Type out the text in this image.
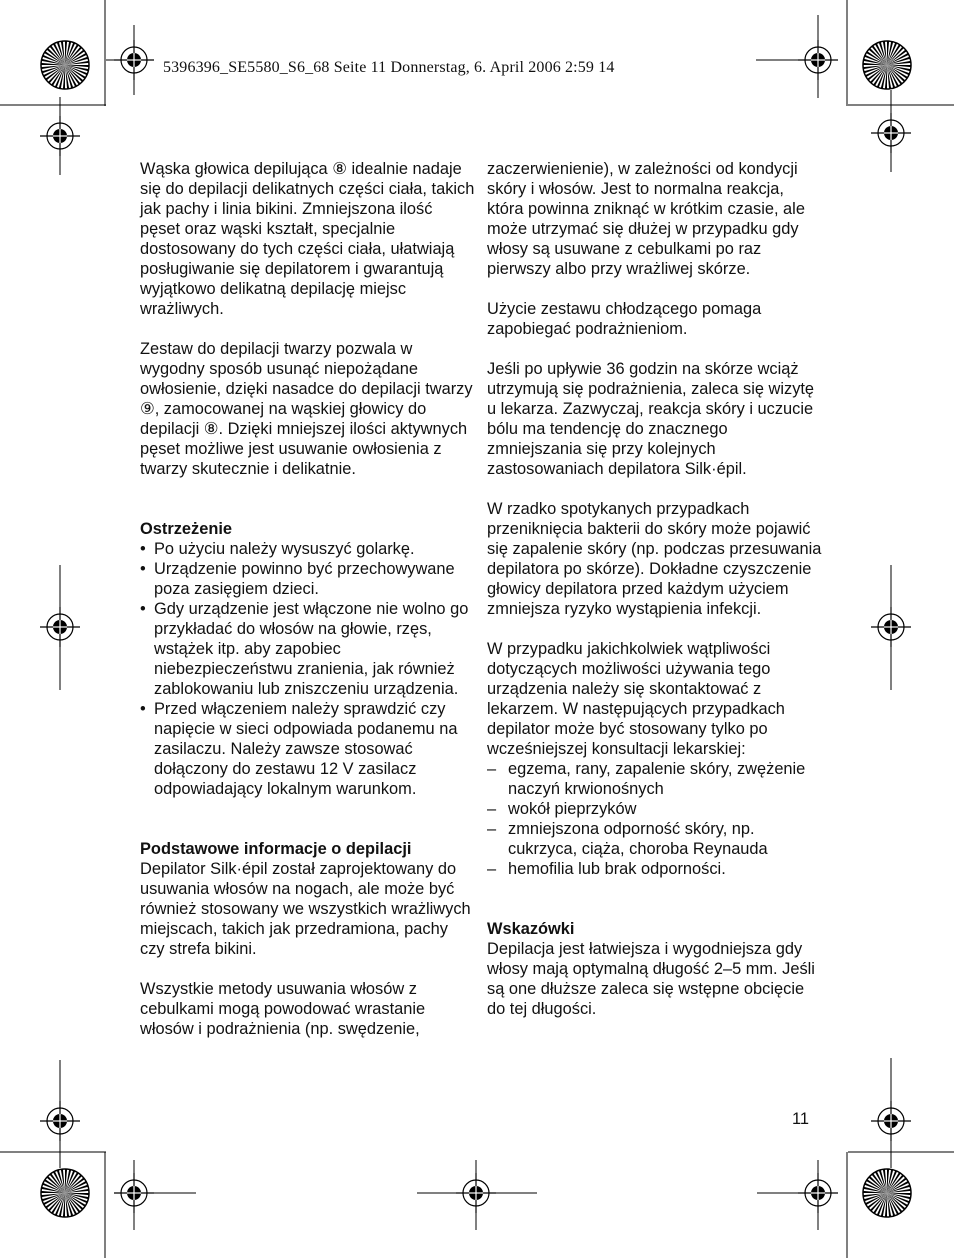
5396396_SE5580_S6_68 Seite 11 Donnerstag, 6. April 2006 2:59 14

Wąska głowica depilująca ⑧ idealnie nadaje się do depilacji delikatnych części ciała, takich jak pachy i linia bikini. Zmniejszona ilość pęset oraz wąski kształt, specjalnie dostosowany do tych części ciała, ułatwiają posługiwanie się depilatorem i gwarantują wyjątkowo delikatną depilację miejsc wrażliwych.

Zestaw do depilacji twarzy pozwala w wygodny sposób usunąć niepożądane owłosienie, dzięki nasadce do depilacji twarzy ⑨, zamocowanej na wąskiej głowicy do depilacji ⑧. Dzięki mniejszej ilości aktywnych pęset możliwe jest usuwanie owłosienia z twarzy skutecznie i delikatnie.

Ostrzeżenie

• Po użyciu należy wysuszyć golarkę.

• Urządzenie powinno być przechowywane poza zasięgiem dzieci.

• Gdy urządzenie jest włączone nie wolno go przykładać do włosów na głowie, rzęs, wstążek itp. aby zapobiec niebezpieczeństwu zranienia, jak również zablokowaniu lub zniszczeniu urządzenia.

• Przed włączeniem należy sprawdzić czy napięcie w sieci odpowiada podanemu na zasilaczu. Należy zawsze stosować dołączony do zestawu 12 V zasilacz odpowiadający lokalnym warunkom.

Podstawowe informacje o depilacji

Depilator Silk·épil został zaprojektowany do usuwania włosów na nogach, ale może być również stosowany we wszystkich wrażliwych miejscach, takich jak przedramiona, pachy czy strefa bikini.

Wszystkie metody usuwania włosów z cebulkami mogą powodować wrastanie włosów i podrażnienia (np. swędzenie,

zaczerwienienie), w zależności od kondycji skóry i włosów. Jest to normalna reakcja, która powinna zniknąć w krótkim czasie, ale może utrzymać się dłużej w przypadku gdy włosy są usuwane z cebulkami po raz pierwszy albo przy wrażliwej skórze.

Użycie zestawu chłodzącego pomaga zapobiegać podrażnieniom.

Jeśli po upływie 36 godzin na skórze wciąż utrzymują się podrażnienia, zaleca się wizytę u lekarza. Zazwyczaj, reakcja skóry i uczucie bólu ma tendencję do znacznego zmniejszania się przy kolejnych zastosowaniach depilatora Silk·épil.

W rzadko spotykanych przypadkach przeniknięcia bakterii do skóry może pojawić się zapalenie skóry (np. podczas przesuwania depilatora po skórze). Dokładne czyszczenie głowicy depilatora przed każdym użyciem zmniejsza ryzyko wystąpienia infekcji.

W przypadku jakichkolwiek wątpliwości dotyczących możliwości używania tego urządzenia należy się skontaktować z lekarzem. W następujących przypadkach depilator może być stosowany tylko po wcześniejszej konsultacji lekarskiej:

– egzema, rany, zapalenie skóry, zwężenie naczyń krwionośnych

– wokół pieprzyków

– zmniejszona odporność skóry, np. cukrzyca, ciąża, choroba Reynauda

– hemofilia lub brak odporności.

Wskazówki

Depilacja jest łatwiejsza i wygodniejsza gdy włosy mają optymalną długość 2–5 mm. Jeśli są one dłuższe zaleca się wstępne obcięcie do tej długości.

11
